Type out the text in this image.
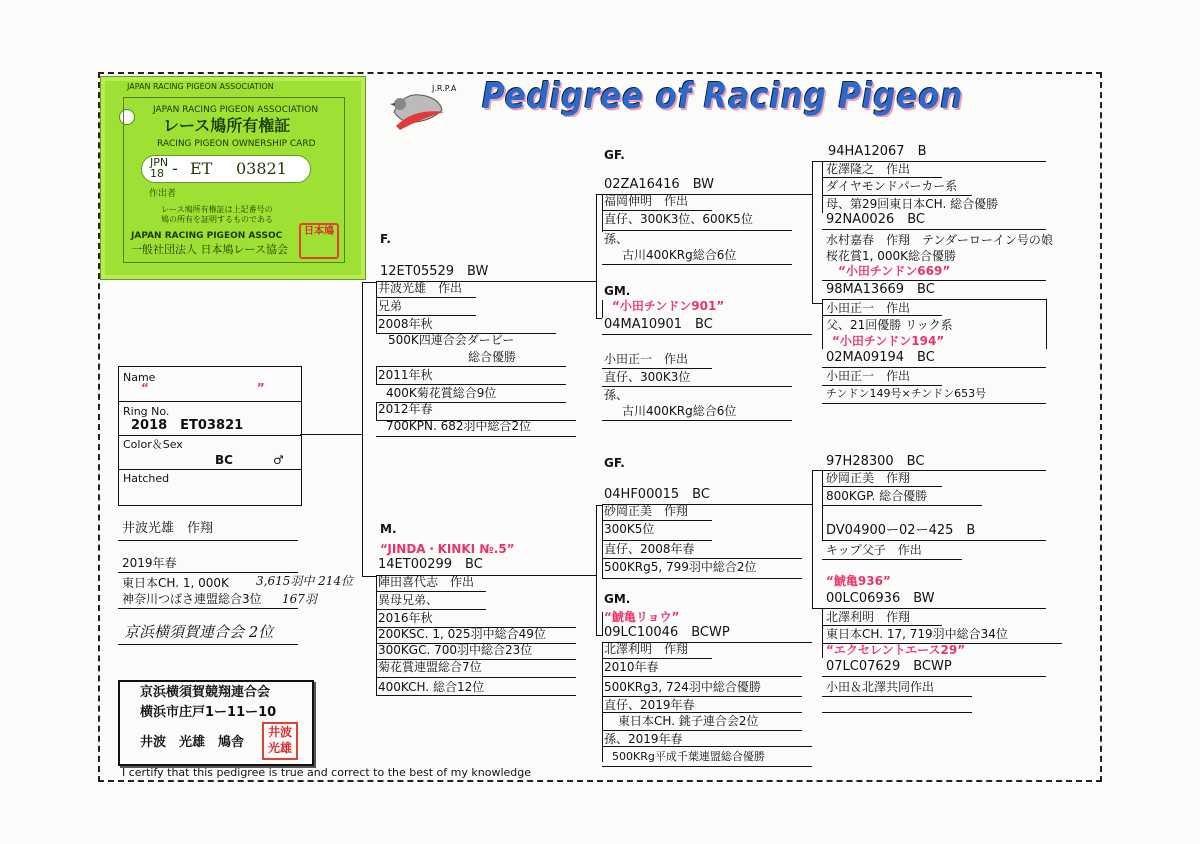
JAPAN RACING PIGEON ASSOCIATION
JAPAN RACING PIGEON ASSOCIATION
レース鳩所有権証
RACING PIGEON OWNERSHIP CARD
JPN
18 - ET 03821
作出者
レース鳩所有権証は上記番号の
鳩の所有を証明するものである
JAPAN RACING PIGEON ASSOC
一般社団法人 日本鳩レース協会
日本鳩
J.R.P.A Pedigree of Racing Pigeon
Name
“　　　　　　　　　”
Ring No.
2018　ET03821
Color＆Sex
BC	♂
Hatched
井波光雄　作翔
2019年春
東日本CH. 1, 000K 3,615羽中 214位
神奈川つばさ連盟総合3位 167羽
京浜横須賀連合会 2位
京浜横須賀競翔連合会
横浜市庄戸1ー11ー10
井波　光雄　鳩舎
井波光雄
I certify that this pedigree is true and correct to the best of my knowledge
F.
12ET05529　BW
井波光雄　作出
兄弟
2008年秋
500K四連合会ダービー
総合優勝
2011年秋
400K菊花賞総合9位
2012年春
700KPN. 682羽中総合2位
M.
“JINDA・KINKI №.5”
14ET00299　BC
陣田喜代志　作出
異母兄弟、
2016年秋
200KSC. 1, 025羽中総合49位
300KGC. 700羽中総合23位
菊花賞連盟総合7位
400KCH. 総合12位
GF.
02ZA16416　BW
福岡伸明　作出
直仔、300K3位、600K5位
孫、
古川400KRg総合6位
GM.
“小田チンドン901”
04MA10901　BC
小田正一　作出
直仔、300K3位
孫、
古川400KRg総合6位
GF.
04HF00015　BC
砂岡正美　作翔
300K5位
直仔、2008年春
500KRg5, 799羽中総合2位
GM.
“鯱亀リョウ”
09LC10046　BCWP
北澤利明　作翔
2010年春
500KRg3, 724羽中総合優勝
直仔、2019年春
東日本CH. 銚子連合会2位
孫、2019年春
500KRg平成千葉連盟総合優勝
94HA12067　B
花澤隆之　作出
ダイヤモンドパーカー系
母、第29回東日本CH. 総合優勝
92NA0026　BC
水村嘉春　作翔　テンダーローイン号の娘
桜花賞1, 000K総合優勝
“小田チンドン669”
98MA13669　BC
小田正一　作出
父、21回優勝 リック系
“小田チンドン194”
02MA09194　BC
小田正一　作出
チンドン149号×チンドン653号
97H28300　BC
砂岡正美　作翔
800KGP. 総合優勝
DV04900ー02ー425　B
キップ父子　作出
“鯱亀936”
00LC06936　BW
北澤利明　作翔
東日本CH. 17, 719羽中総合34位
“エクセレントエース29”
07LC07629　BCWP
小田＆北澤共同作出
